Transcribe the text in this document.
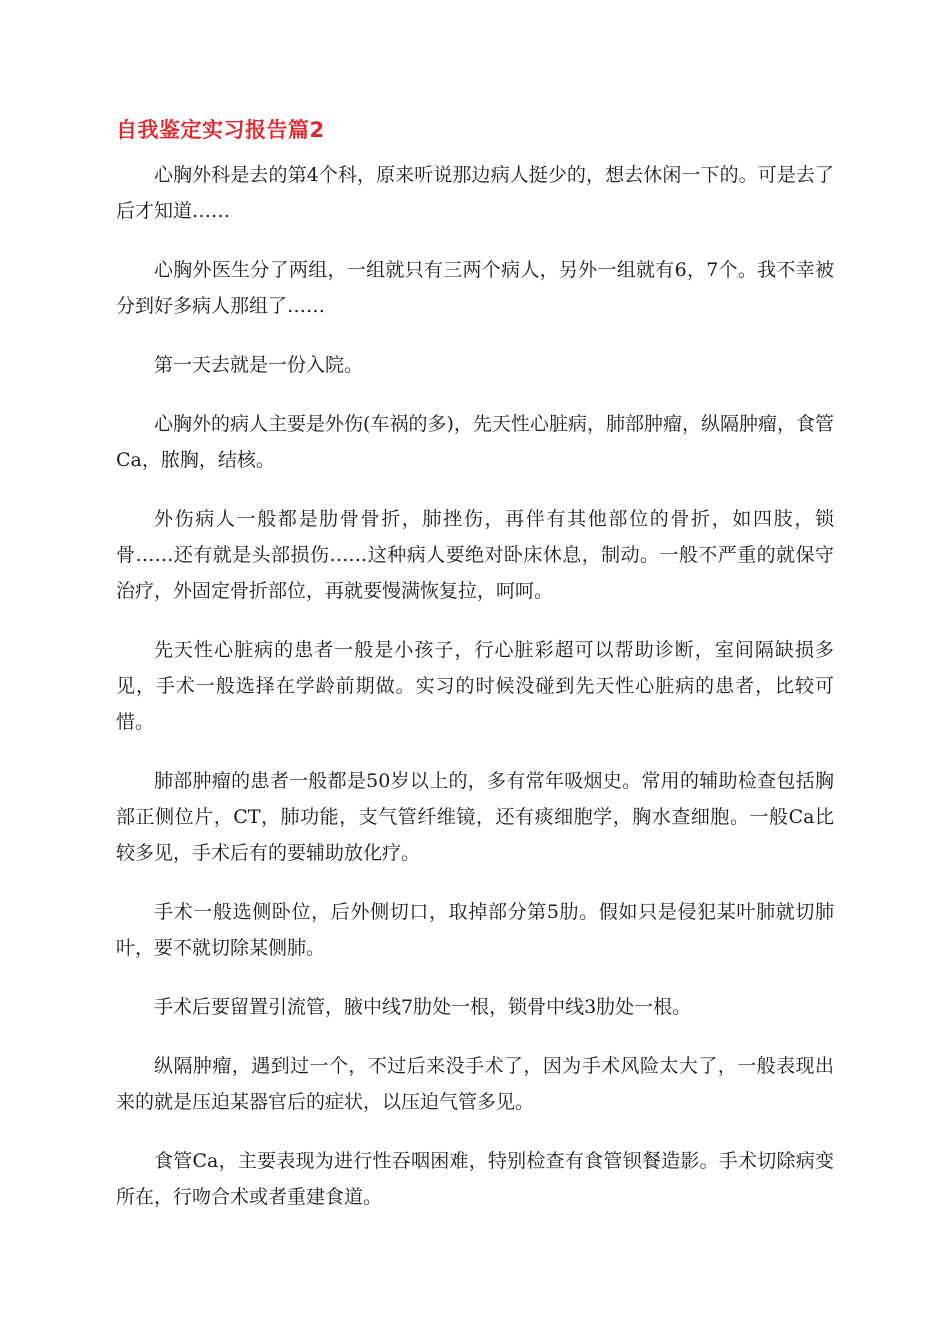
自我鉴定实习报告篇2

心胸外科是去的第4个科，原来听说那边病人挺少的，想去休闲一下的。可是去了后才知道……

心胸外医生分了两组，一组就只有三两个病人，另外一组就有6，7个。我不幸被分到好多病人那组了……

第一天去就是一份入院。

心胸外的病人主要是外伤(车祸的多)，先天性心脏病，肺部肿瘤，纵隔肿瘤，食管Ca，脓胸，结核。

外伤病人一般都是肋骨骨折，肺挫伤，再伴有其他部位的骨折，如四肢，锁骨……还有就是头部损伤……这种病人要绝对卧床休息，制动。一般不严重的就保守治疗，外固定骨折部位，再就要慢满恢复拉，呵呵。

先天性心脏病的患者一般是小孩子，行心脏彩超可以帮助诊断，室间隔缺损多见，手术一般选择在学龄前期做。实习的时候没碰到先天性心脏病的患者，比较可惜。

肺部肿瘤的患者一般都是50岁以上的，多有常年吸烟史。常用的辅助检查包括胸部正侧位片，CT，肺功能，支气管纤维镜，还有痰细胞学，胸水查细胞。一般Ca比较多见，手术后有的要辅助放化疗。

手术一般选侧卧位，后外侧切口，取掉部分第5肋。假如只是侵犯某叶肺就切肺叶，要不就切除某侧肺。

手术后要留置引流管，腋中线7肋处一根，锁骨中线3肋处一根。

纵隔肿瘤，遇到过一个，不过后来没手术了，因为手术风险太大了，一般表现出来的就是压迫某器官后的症状，以压迫气管多见。

食管Ca，主要表现为进行性吞咽困难，特别检查有食管钡餐造影。手术切除病变所在，行吻合术或者重建食道。
